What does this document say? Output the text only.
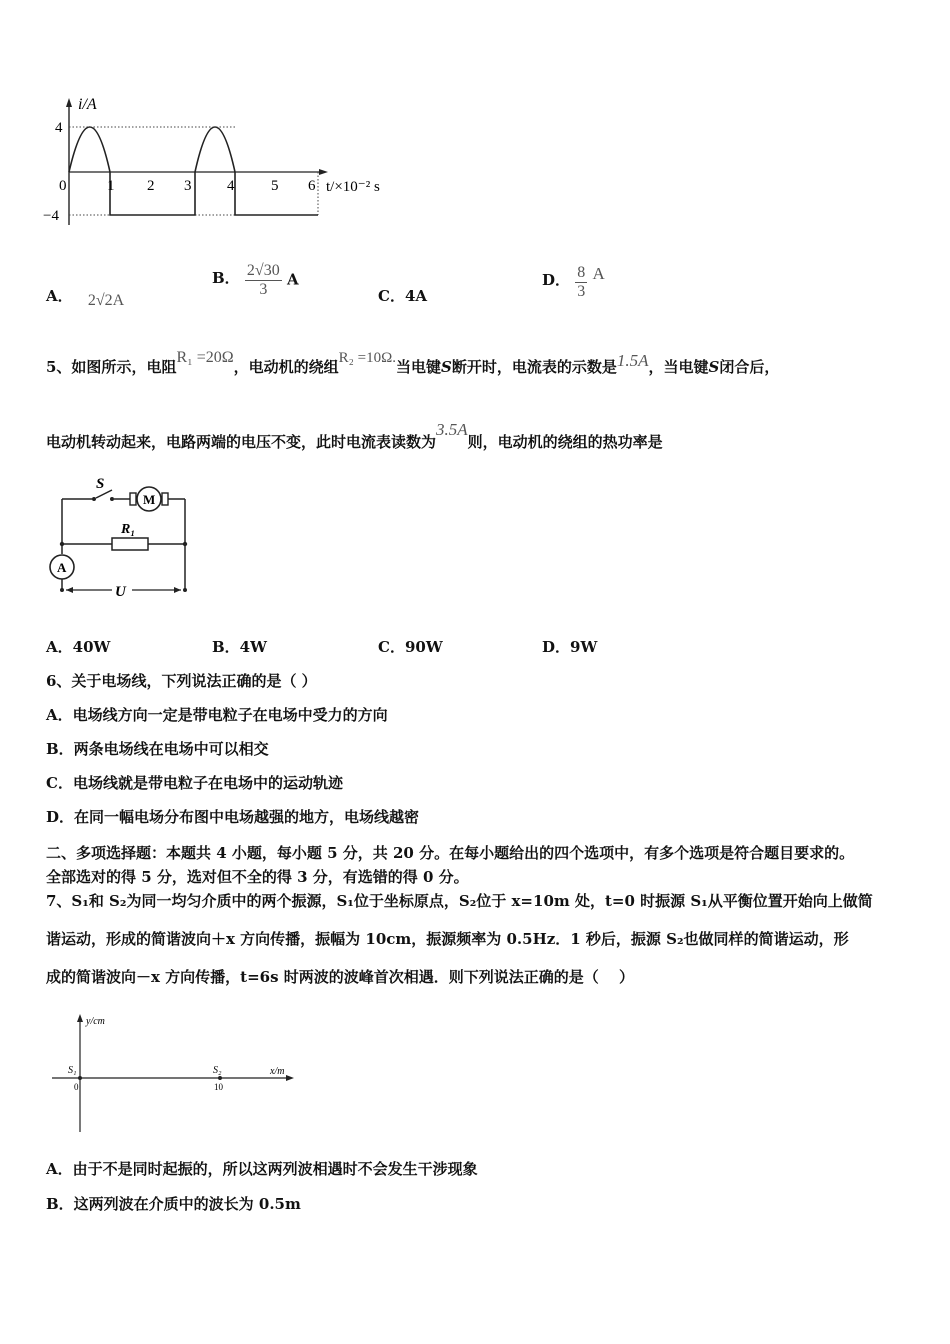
i/A
4
−4
0	1 2 3 4 5 6 t/×10⁻² s
A． 2√2A
B． $\frac{2√30}{3}$ A
C．4A
D． $\frac{8}{3}$ A
5、如图所示，电阻R₁ =20Ω，电动机的绕组R₂ =10Ω.当电键S断开时，电流表的示数是1.5A，当电键S闭合后，
电动机转动起来，电路两端的电压不变，此时电流表读数为3.5A则，电动机的绕组的热功率是
S
M
R₁
A
U
A．40W	B．4W	C．90W	D．9W
6、关于电场线，下列说法正确的是（ ）
A．电场线方向一定是带电粒子在电场中受力的方向
B．两条电场线在电场中可以相交
C．电场线就是带电粒子在电场中的运动轨迹
D．在同一幅电场分布图中电场越强的地方，电场线越密
二、多项选择题：本题共 4 小题，每小题 5 分，共 20 分。在每小题给出的四个选项中，有多个选项是符合题目要求的。
全部选对的得 5 分，选对但不全的得 3 分，有选错的得 0 分。
7、S₁和 S₂为同一均匀介质中的两个振源，S₁位于坐标原点，S₂位于 x=10m 处，t=0 时振源 S₁从平衡位置开始向上做简
谐运动，形成的简谐波向＋x 方向传播，振幅为 10cm，振源频率为 0.5Hz．1 秒后，振源 S₂也做同样的简谐运动，形
成的简谐波向－x 方向传播，t=6s 时两波的波峰首次相遇．则下列说法正确的是（　 ）
y/cm
x/m
S₁	S₂
0	10
A．由于不是同时起振的，所以这两列波相遇时不会发生干涉现象
B．这两列波在介质中的波长为 0.5m
